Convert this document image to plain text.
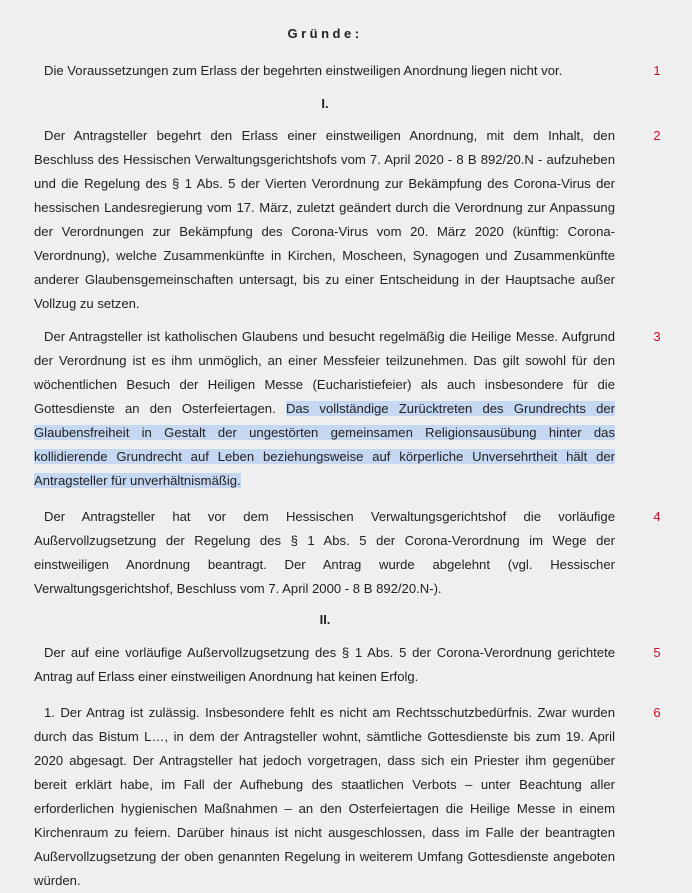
Gründe:
Die Voraussetzungen zum Erlass der begehrten einstweiligen Anordnung liegen nicht vor.	1
I.
Der Antragsteller begehrt den Erlass einer einstweiligen Anordnung, mit dem Inhalt, den Beschluss des Hessischen Verwaltungsgerichtshofs vom 7. April 2020 - 8 B 892/20.N - aufzuheben und die Regelung des § 1 Abs. 5 der Vierten Verordnung zur Bekämpfung des Corona-Virus der hessischen Landesregierung vom 17. März, zuletzt geändert durch die Verordnung zur Anpassung der Verordnungen zur Bekämpfung des Corona-Virus vom 20. März 2020 (künftig: Corona-Verordnung), welche Zusammenkünfte in Kirchen, Moscheen, Synagogen und Zusammenkünfte anderer Glaubensgemeinschaften untersagt, bis zu einer Entscheidung in der Hauptsache außer Vollzug zu setzen.
2
Der Antragsteller ist katholischen Glaubens und besucht regelmäßig die Heilige Messe. Aufgrund der Verordnung ist es ihm unmöglich, an einer Messfeier teilzunehmen. Das gilt sowohl für den wöchentlichen Besuch der Heiligen Messe (Eucharistiefeier) als auch insbesondere für die Gottesdienste an den Osterfeiertagen. Das vollständige Zurücktreten des Grundrechts der Glaubensfreiheit in Gestalt der ungestörten gemeinsamen Religionsausübung hinter das kollidierende Grundrecht auf Leben beziehungsweise auf körperliche Unversehrtheit hält der Antragsteller für unverhältnismäßig.
3
Der Antragsteller hat vor dem Hessischen Verwaltungsgerichtshof die vorläufige Außervollzugsetzung der Regelung des § 1 Abs. 5 der Corona-Verordnung im Wege der einstweiligen Anordnung beantragt. Der Antrag wurde abgelehnt (vgl. Hessischer Verwaltungsgerichtshof, Beschluss vom 7. April 2000 - 8 B 892/20.N-).
4
II.
Der auf eine vorläufige Außervollzugsetzung des § 1 Abs. 5 der Corona-Verordnung gerichtete Antrag auf Erlass einer einstweiligen Anordnung hat keinen Erfolg.
5
1. Der Antrag ist zulässig. Insbesondere fehlt es nicht am Rechtsschutzbedürfnis. Zwar wurden durch das Bistum L…, in dem der Antragsteller wohnt, sämtliche Gottesdienste bis zum 19. April 2020 abgesagt. Der Antragsteller hat jedoch vorgetragen, dass sich ein Priester ihm gegenüber bereit erklärt habe, im Fall der Aufhebung des staatlichen Verbots – unter Beachtung aller erforderlichen hygienischen Maßnahmen – an den Osterfeiertagen die Heilige Messe in einem Kirchenraum zu feiern. Darüber hinaus ist nicht ausgeschlossen, dass im Falle der beantragten Außervollzugsetzung der oben genannten Regelung in weiterem Umfang Gottesdienste angeboten würden.
6
